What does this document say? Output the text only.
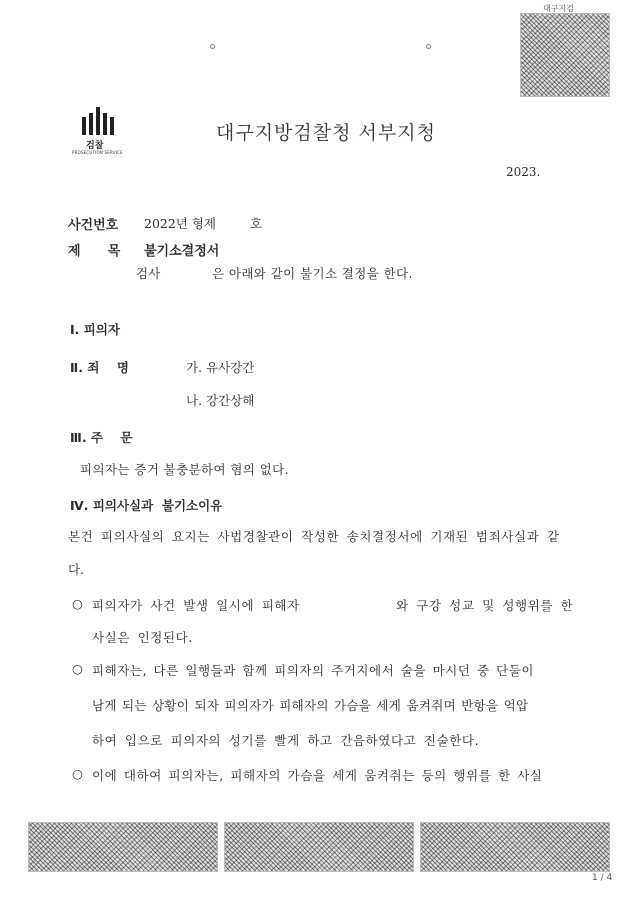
대구지검
검찰
PROSECUTION SERVICE
대구지방검찰청 서부지청
2023.
사건번호 2022년 형제	호
제      목 불기소결정서
검사	은 아래와 같이 불기소 결정을 한다.
Ⅰ. 피의자
Ⅱ. 죄    명	가. 유사강간
나. 강간상해
Ⅲ. 주    문
피의자는 증거 불충분하여 혐의 없다.
Ⅳ. 피의사실과  불기소이유
본건 피의사실의 요지는 사법경찰관이 작성한 송치결정서에 기재된 범죄사실과 같
다.
○ 피의자가 사건 발생 일시에 피해자	와 구강 성교 및 성행위를 한
사실은 인정된다.
○ 피해자는, 다른 일행들과 함께 피의자의 주거지에서 술을 마시던 중 단둘이
남게 되는 상황이 되자 피의자가 피해자의 가슴을 세게 움켜쥐며 반항을 억압
하여 입으로 피의자의 성기를 빨게 하고 간음하였다고 진술한다.
○ 이에 대하여 피의자는, 피해자의 가슴을 세게 움켜쥐는 등의 행위를 한 사실
1 / 4
